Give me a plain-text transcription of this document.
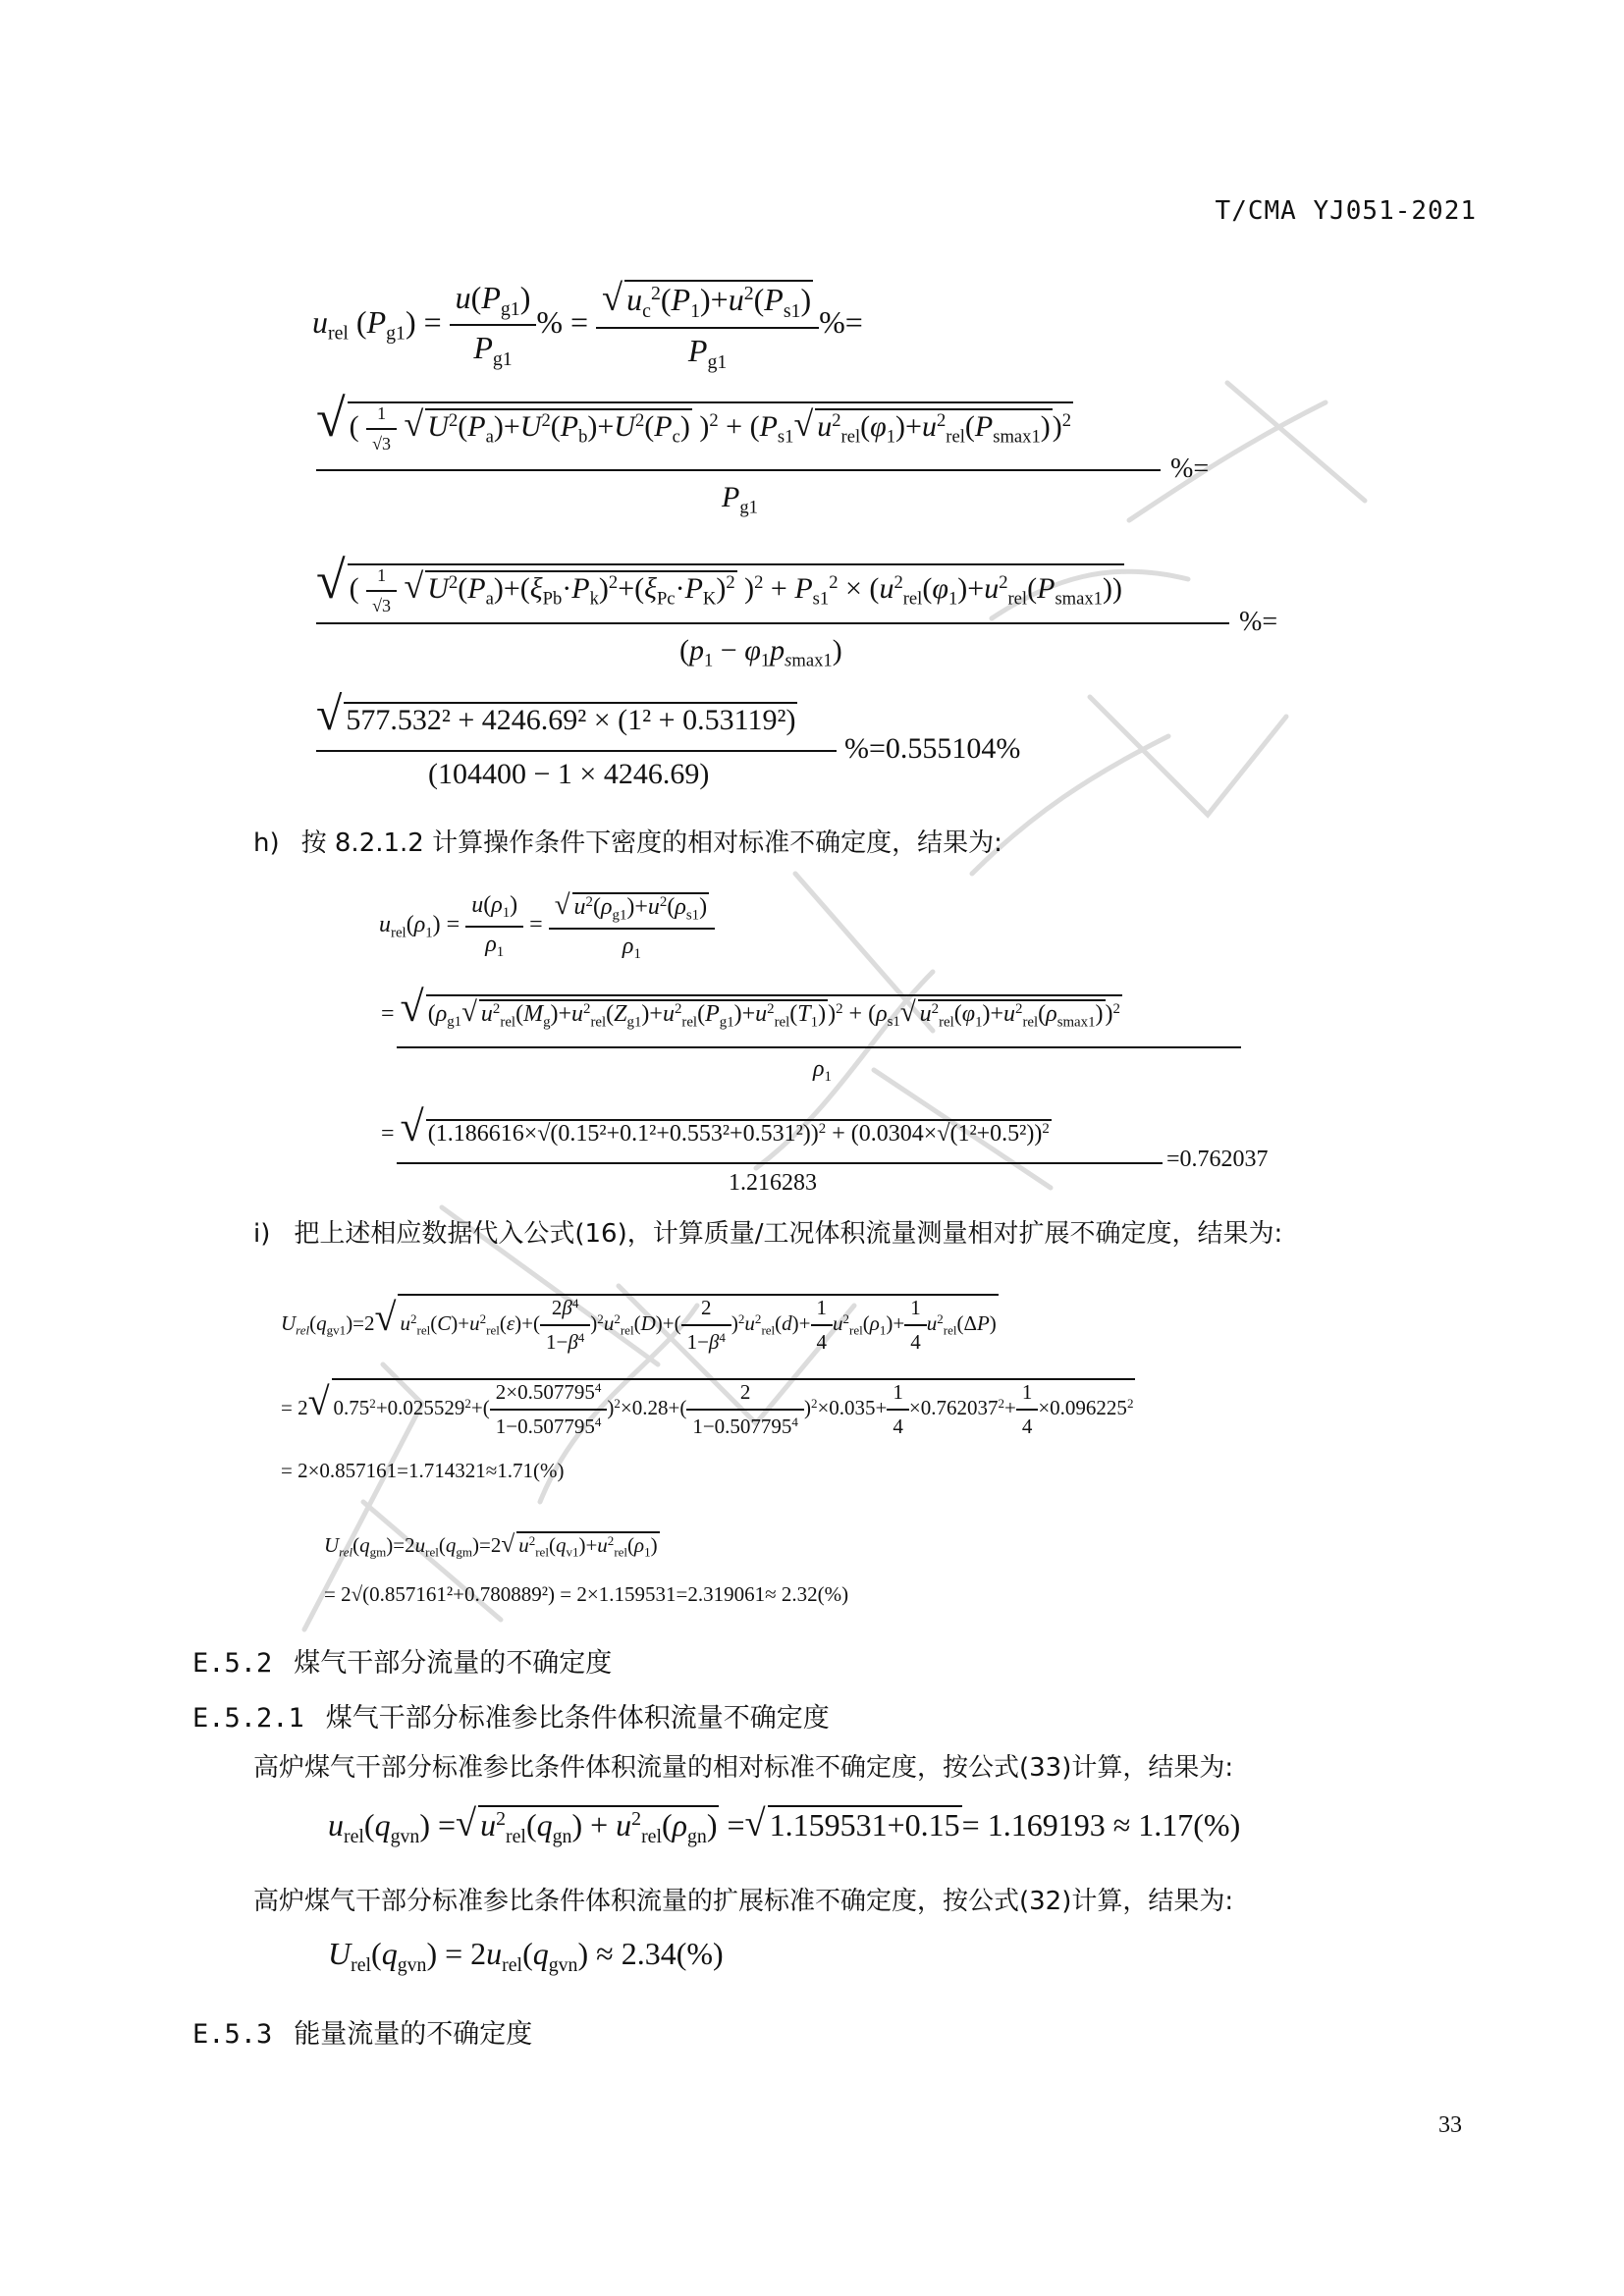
T/CMA YJ051-2021
$u_{rel}$ $(P_{g1}) = \frac{u(P_{g1})}{P_{g1}}$ % = $\frac{√ u_c^2(P_1)+u^2(P_{s1})}{P_{g1}}$ %=
√ ( $\frac{1}{√3}$ √ $U^2(P_a)+U^2(P_b)+U^2(P_c) )^2 + (P_{s1}√$ $u^2_{rel}(\varphi_1)+u^2_{rel}(P_{smax1}))^2$
$P_{g1}$
%=
√ ( $\frac{1}{√3}$ √ $U^2(P_a)+(\xi_{Pb}\cdot P_k)^2+(\xi_{Pc}\cdot P_K)^2$ )$^2 + P_{s1}^2 \times (u^2_{rel}(\varphi_1)+u^2_{rel}(P_{smax1}))$
$(p_1 - \varphi_1p_{smax1})$
%=
√ 577.532² + 4246.69² × (1² + 0.53119²)
(104400 − 1 × 4246.69)
%=0.555104%
h) 按 8.2.1.2 计算操作条件下密度的相对标准不确定度，结果为:
$u_{rel}(\rho_1) = \frac{u(\rho_1)}{\rho_1} = \frac{√ u^2(\rho_{g1})+u^2(\rho_{s1})}{\rho_1}$
= √ ($\rho_{g1}√$ $u^2_{rel}(M_g)+u^2_{rel}(Z_{g1})+u^2_{rel}(P_{g1})+u^2_{rel}(T_1))^2 + (\rho_{s1}√$ $u^2_{rel}(\varphi_1)+u^2_{rel}(\rho_{smax1}))^2$
$\rho_1$
= √ $(1.186616\times√(0.15^2+0.1^2+0.553^2+0.531^2))^2 + (0.0304\times√(1^2+0.5^2))^2$
1.216283
=0.762037
i) 把上述相应数据代入公式(16)，计算质量/工况体积流量测量相对扩展不确定度，结果为:
$U_{rel}(q_{gv1})=2√$ $u^2_{rel}(C)+u^2_{rel}(\varepsilon)+( \frac{2\beta^4}{1-\beta^4} )^2u^2_{rel}(D)+( \frac{2}{1-\beta^4} )^2u^2_{rel}(d)+ \frac{1}{4} u^2_{rel}(\rho_1)+ \frac{1}{4} u^2_{rel}(\Delta P)$
= 2√ $0.75^2+0.025529^2+( \frac{2\times 0.507795^4}{1-0.507795^4} )^2\times 0.28+( \frac{2}{1-0.507795^4} )^2\times 0.035+ \frac{1}{4} \times 0.762037^2+ \frac{1}{4} \times 0.096225^2$
= 2×0.857161=1.714321≈1.71(%)
$U_{rel}(q_{gm})=2u_{rel}(q_{gm})=2√$ $u^2_{rel}(q_{v1})+u^2_{rel}(\rho_1)$
= 2√(0.857161²+0.780889²) = 2×1.159531=2.319061≈ 2.32(%)
E.5.2 煤气干部分流量的不确定度
E.5.2.1 煤气干部分标准参比条件体积流量不确定度
高炉煤气干部分标准参比条件体积流量的相对标准不确定度，按公式(33)计算，结果为:
$u_{rel}(q_{gvn})$ =√ $u^2_{rel}(q_{gn}) + u^2_{rel}(\rho_{gn})$ =√ 1.159531+0.15= 1.169193 ≈ 1.17(%)
高炉煤气干部分标准参比条件体积流量的扩展标准不确定度，按公式(32)计算，结果为:
$U_{rel}(q_{gvn}) = 2u_{rel}(q_{gvn}) \approx 2.34(\%)$
E.5.3 能量流量的不确定度
33
